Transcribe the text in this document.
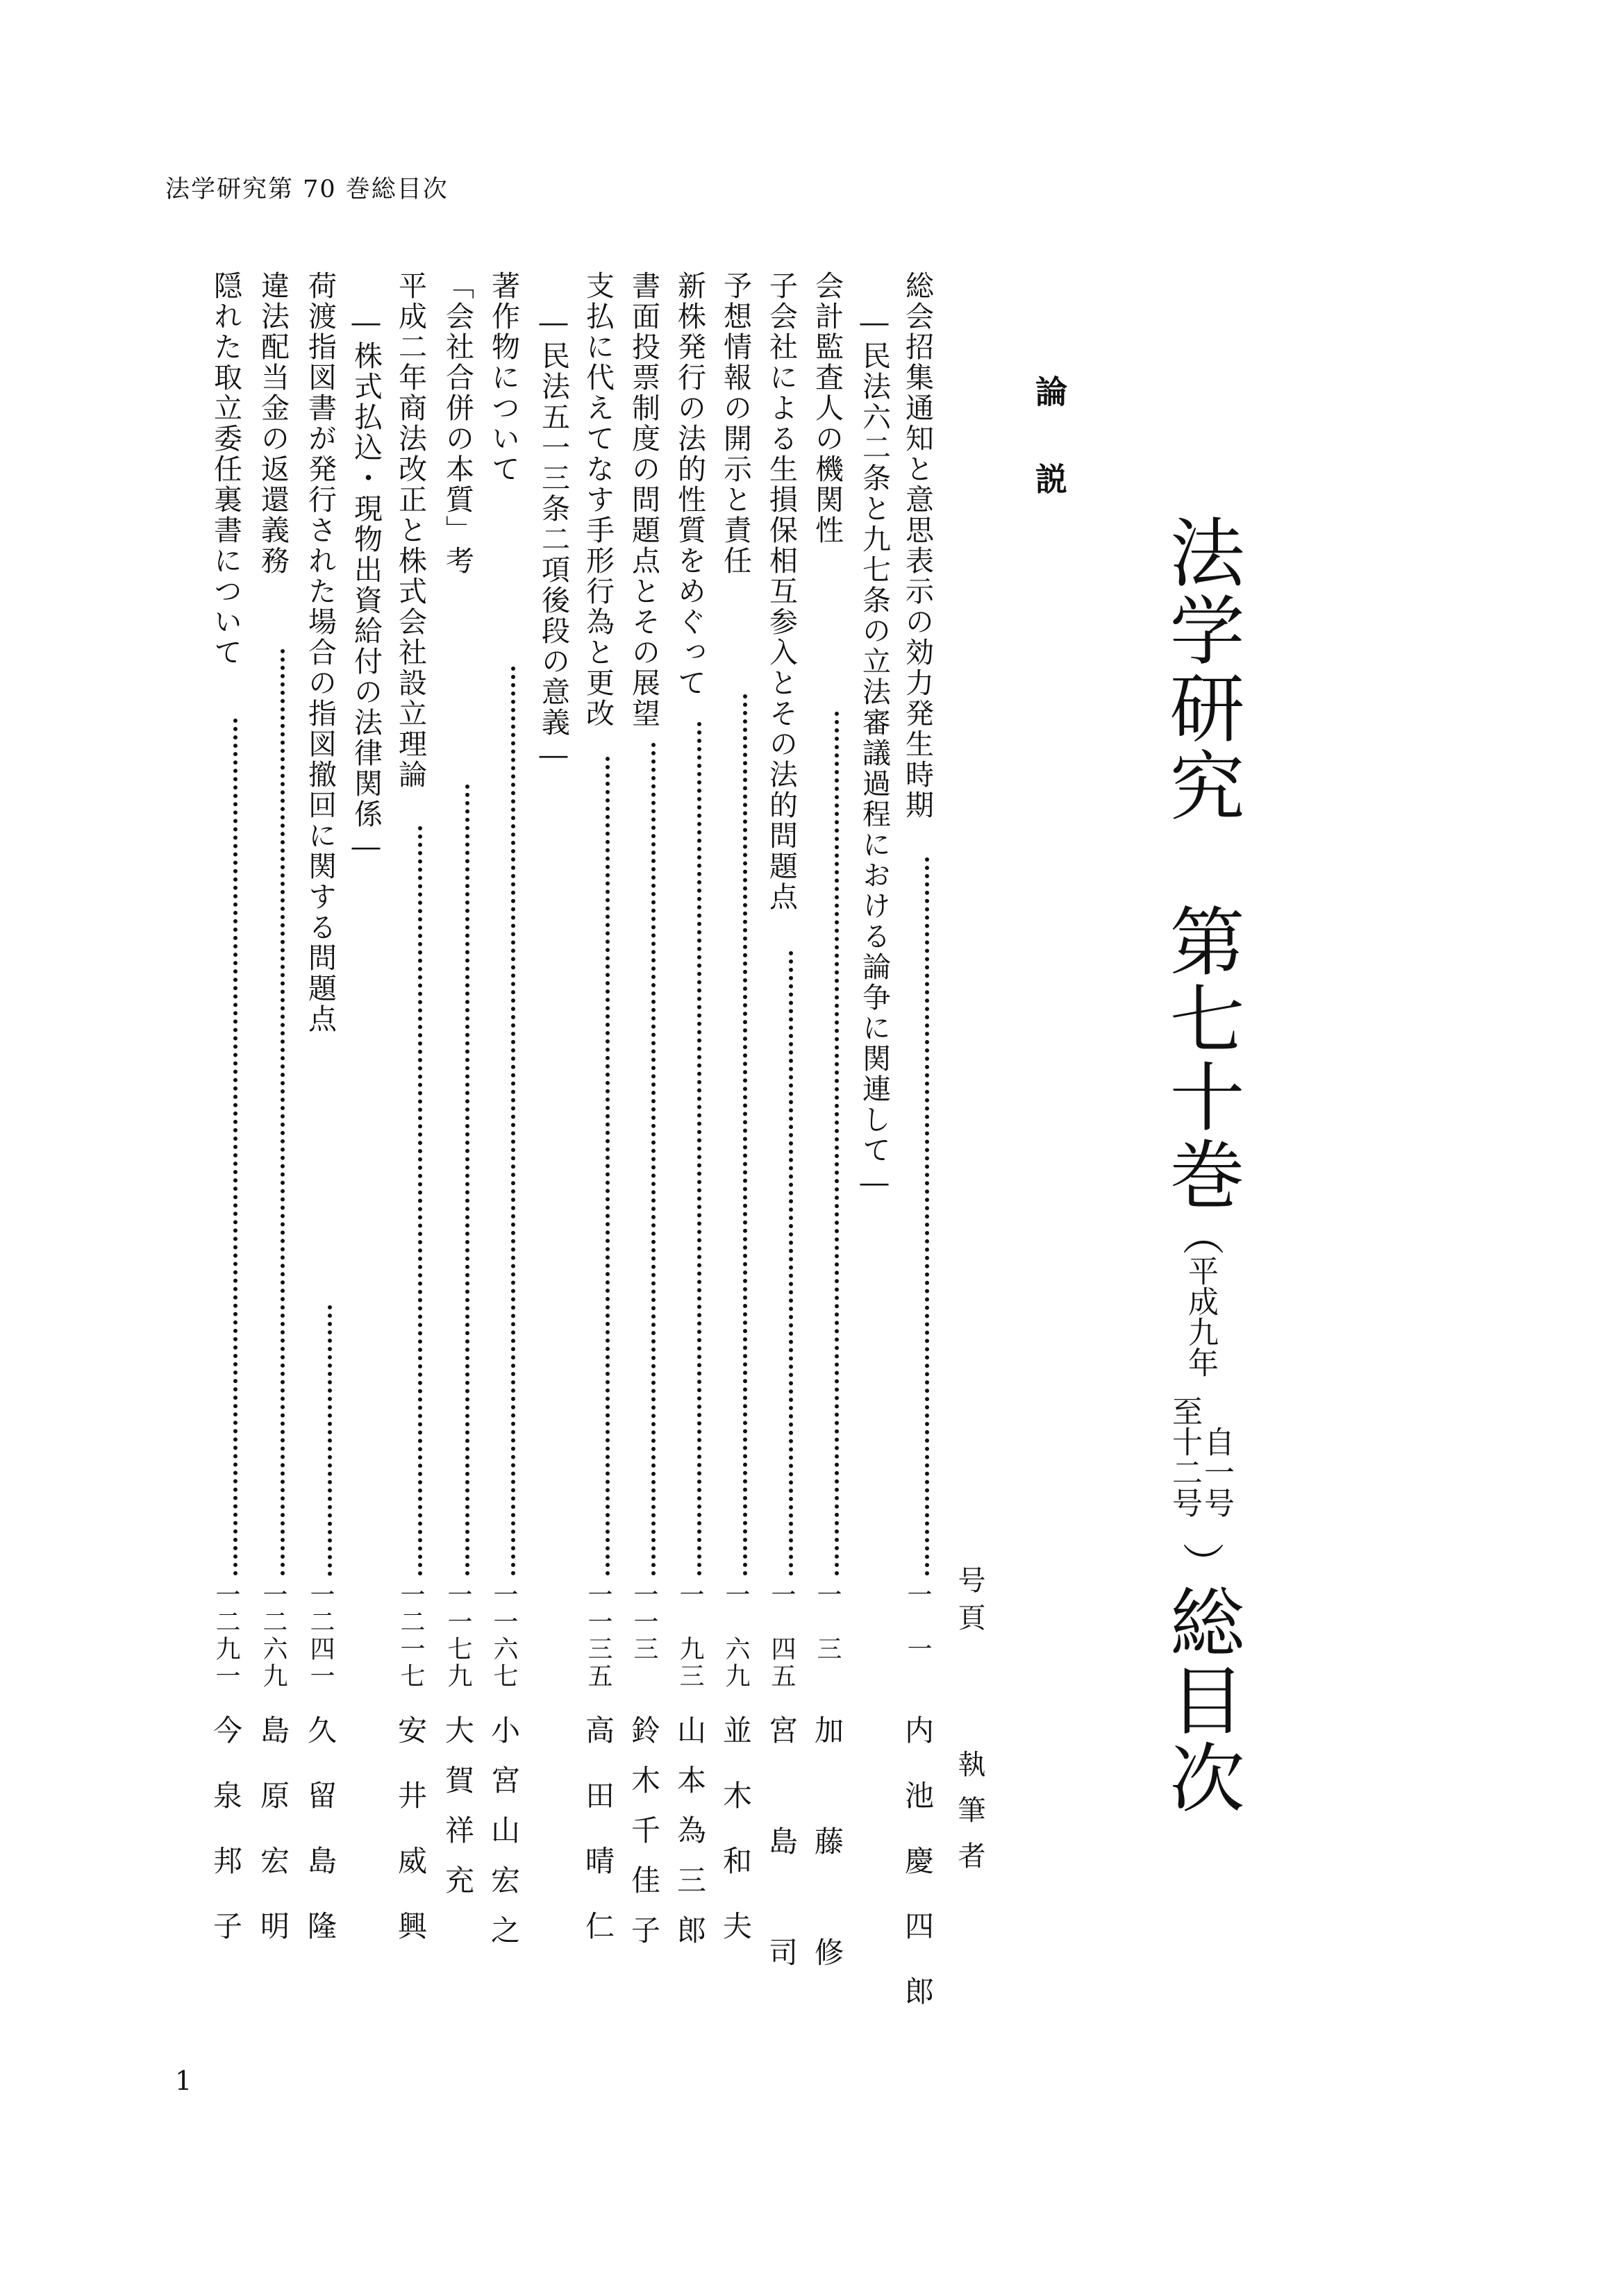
法学研究第 70 巻総目次
法学研究　第七十巻（
平成九年
至十二号
自一号
）総目次
論説
号頁
執筆者
総会招集通知と意思表示の効力発生時期
一　一
内池慶四郎
―民法六二条と九七条の立法審議過程における論争に関連して―
会計監査人の機関性
一　三
加藤修
子会社による生損保相互参入とその法的問題点
一　四五
宮島司
予想情報の開示と責任
一　六九
並木和夫
新株発行の法的性質をめぐって
一　九三
山本為三郎
書面投票制度の問題点とその展望
一一三
鈴木千佳子
支払に代えてなす手形行為と更改
一一三五
高田晴仁
―民法五一三条二項後段の意義―
著作物について
一一六七
小宮山宏之
「会社合併の本質」考
一一七九
大賀祥充
平成二年商法改正と株式会社設立理論
一二一七
安井威興
―株式払込・現物出資給付の法律関係―
荷渡指図書が発行された場合の指図撤回に関する問題点
一二四一
久留島隆
違法配当金の返還義務
一二六九
島原宏明
隠れた取立委任裏書について
一二九一
今泉邦子
1
